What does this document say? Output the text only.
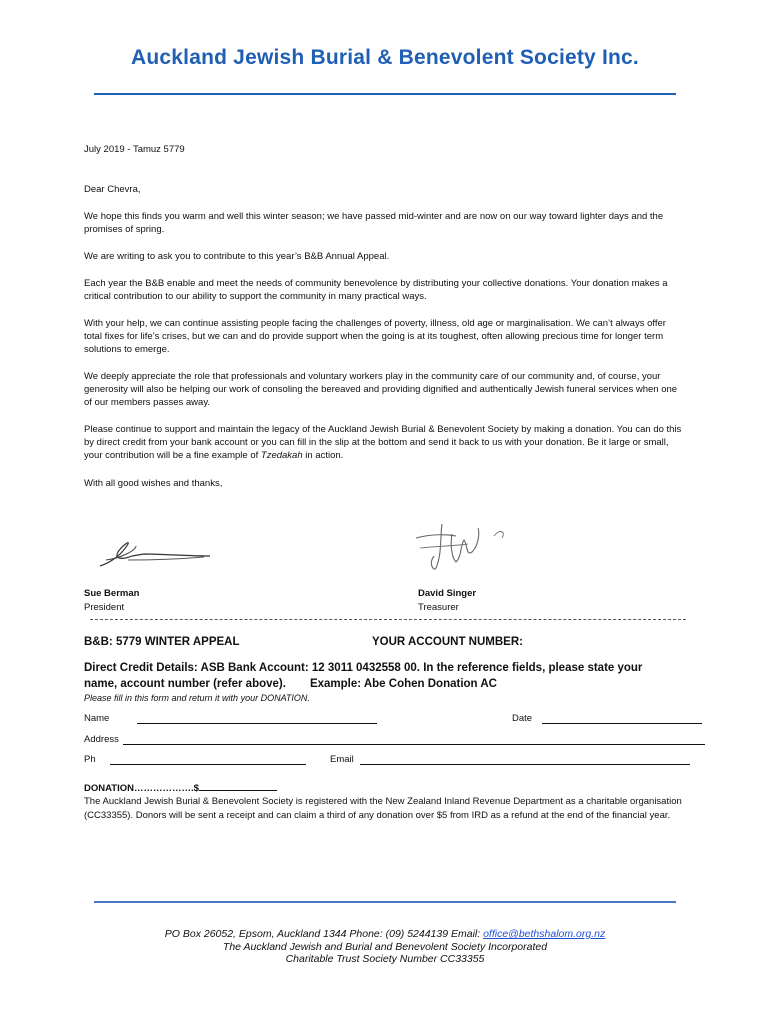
Auckland Jewish Burial & Benevolent Society Inc.

July 2019 - Tamuz 5779

Dear Chevra,

We hope this finds you warm and well this winter season; we have passed mid-winter and are now on our way toward lighter days and the promises of spring.

We are writing to ask you to contribute to this year’s B&B Annual Appeal.

Each year the B&B enable and meet the needs of community benevolence by distributing your collective donations. Your donation makes a critical contribution to our ability to support the community in many practical ways.

With your help, we can continue assisting people facing the challenges of poverty, illness, old age or marginalisation. We can’t always offer total fixes for life’s crises, but we can and do provide support when the going is at its toughest, often allowing precious time for longer term solutions to emerge.

We deeply appreciate the role that professionals and voluntary workers play in the community care of our community and, of course, your generosity will also be helping our work of consoling the bereaved and providing dignified and authentically Jewish funeral services when one of our members passes away.

Please continue to support and maintain the legacy of the Auckland Jewish Burial & Benevolent Society by making a donation. You can do this by direct credit from your bank account or you can fill in the slip at the bottom and send it back to us with your donation. Be it large or small, your contribution will be a fine example of Tzedakah in action.

With all good wishes and thanks,

Sue Berman
President
David Singer
Treasurer
B&B: 5779 WINTER APPEAL	YOUR ACCOUNT NUMBER:
Direct Credit Details: ASB Bank Account: 12 3011 0432558 00. In the reference fields, please state your
name, account number (refer above). Example: Abe Cohen Donation AC
Please fill in this form and return it with your DONATION.
Name	Date
Address
Ph	Email
DONATION……………….$

The Auckland Jewish Burial & Benevolent Society is registered with the New Zealand Inland Revenue Department as a charitable organisation (CC33355). Donors will be sent a receipt and can claim a third of any donation over $5 from IRD as a refund at the end of the financial year.

PO Box 26052, Epsom, Auckland 1344 Phone: (09) 5244139 Email: office@bethshalom.org.nz
The Auckland Jewish and Burial and Benevolent Society Incorporated
Charitable Trust Society Number CC33355
